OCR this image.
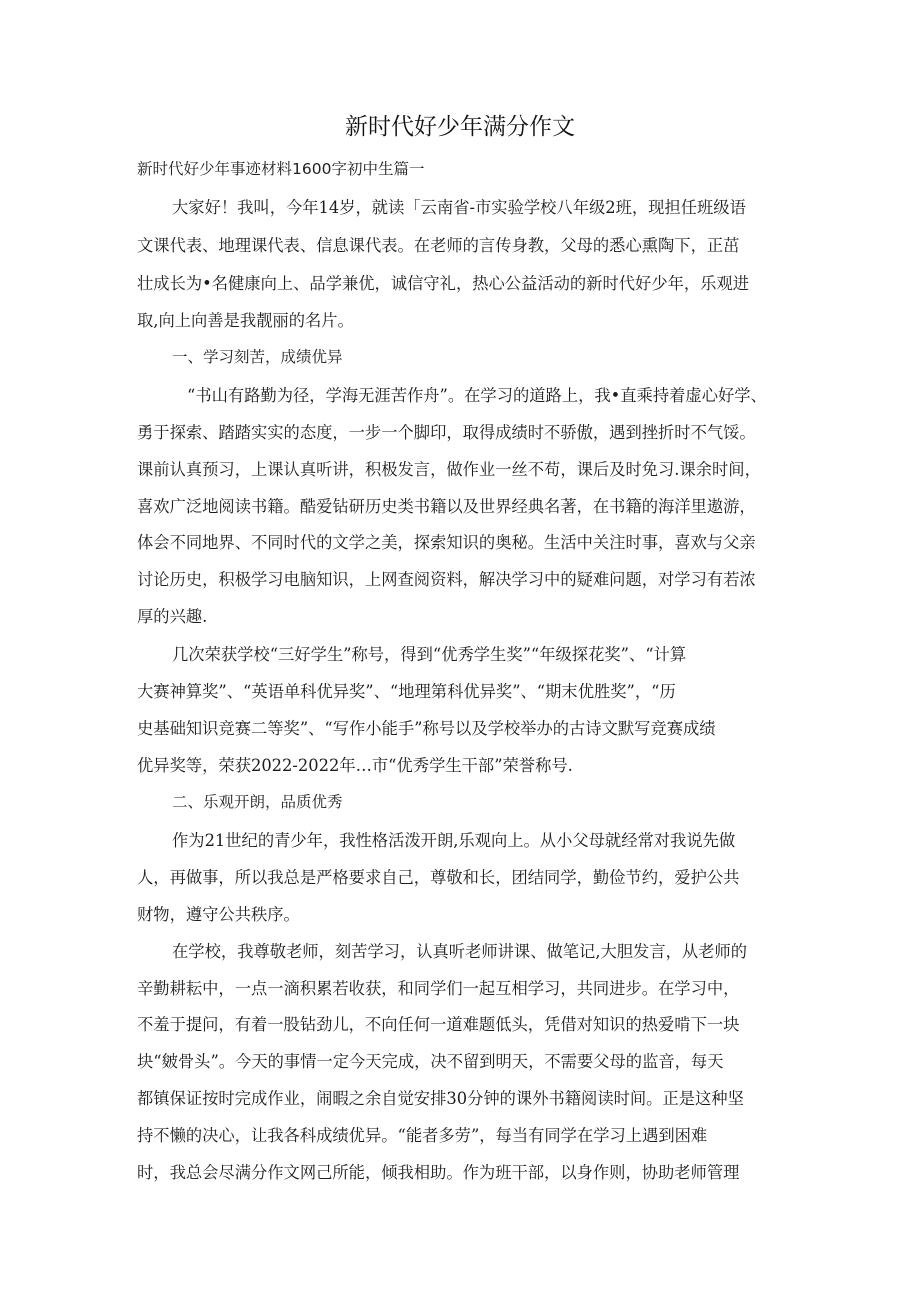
新时代好少年满分作文
新时代好少年事迹材料1600字初中生篇一
大家好！我叫，今年14岁，就读「云南省-市实验学校八年级2班，现担任班级语
文课代表、地理课代表、信息课代表。在老师的言传身教，父母的悉心熏陶下，正茁
壮成长为•名健康向上、品学兼优，诚信守礼，热心公益活动的新时代好少年，乐观进
取,向上向善是我靓丽的名片。
一、学习刻苦，成绩优异
“书山有路勤为径，学海无涯苦作舟”。在学习的道路上，我•直乘持着虚心好学、
勇于探索、踏踏实实的态度，一步一个脚印，取得成绩时不骄傲，遇到挫折时不气馁。
课前认真预习，上课认真听讲，积极发言，做作业一丝不苟，课后及时免习.课余时间，
喜欢广泛地阅读书籍。酷爱钻研历史类书籍以及世界经典名著，在书籍的海洋里遨游，
体会不同地界、不同时代的文学之美，探索知识的奥秘。生活中关注时事，喜欢与父亲
讨论历史，积极学习电脑知识，上网查阅资料，解决学习中的疑难问题，对学习有若浓
厚的兴趣.
几次荣获学校“三好学生”称号，得到“优秀学生奖”“年级探花奖”、“计算
大赛神算奖”、“英语单科优异奖”、“地理第科优异奖”、“期末优胜奖”，“历
史基础知识竞赛二等奖”、“写作小能手”称号以及学校举办的古诗文默写竞赛成绩
优异奖等，荣获2022-2022年…市“优秀学生干部”荣誉称号.
二、乐观开朗，品质优秀
作为21世纪的青少年，我性格活泼开朗,乐观向上。从小父母就经常对我说先做
人，再做事，所以我总是严格要求自己，尊敬和长，团结同学，勤俭节约，爱护公共
财物，遵守公共秩序。
在学校，我尊敬老师，刻苦学习，认真听老师讲课、做笔记,大胆发言，从老师的
辛勤耕耘中，一点一滴积累若收获，和同学们一起互相学习，共同进步。在学习中，
不羞于提问，有着一股钻劲儿，不向任何一道难题低头，凭借对知识的热爱啃下一块
块“皴骨头”。今天的事情一定今天完成，决不留到明天，不需要父母的监音，每天
都镇保证按时完成作业，闹暇之余自觉安排30分钟的课外书籍阅读时间。正是这种坚
持不懒的决心，让我各科成绩优异。“能者多劳”，每当有同学在学习上遇到困难
时，我总会尽满分作文网己所能，倾我相助。作为班干部，以身作则，协助老师管理
